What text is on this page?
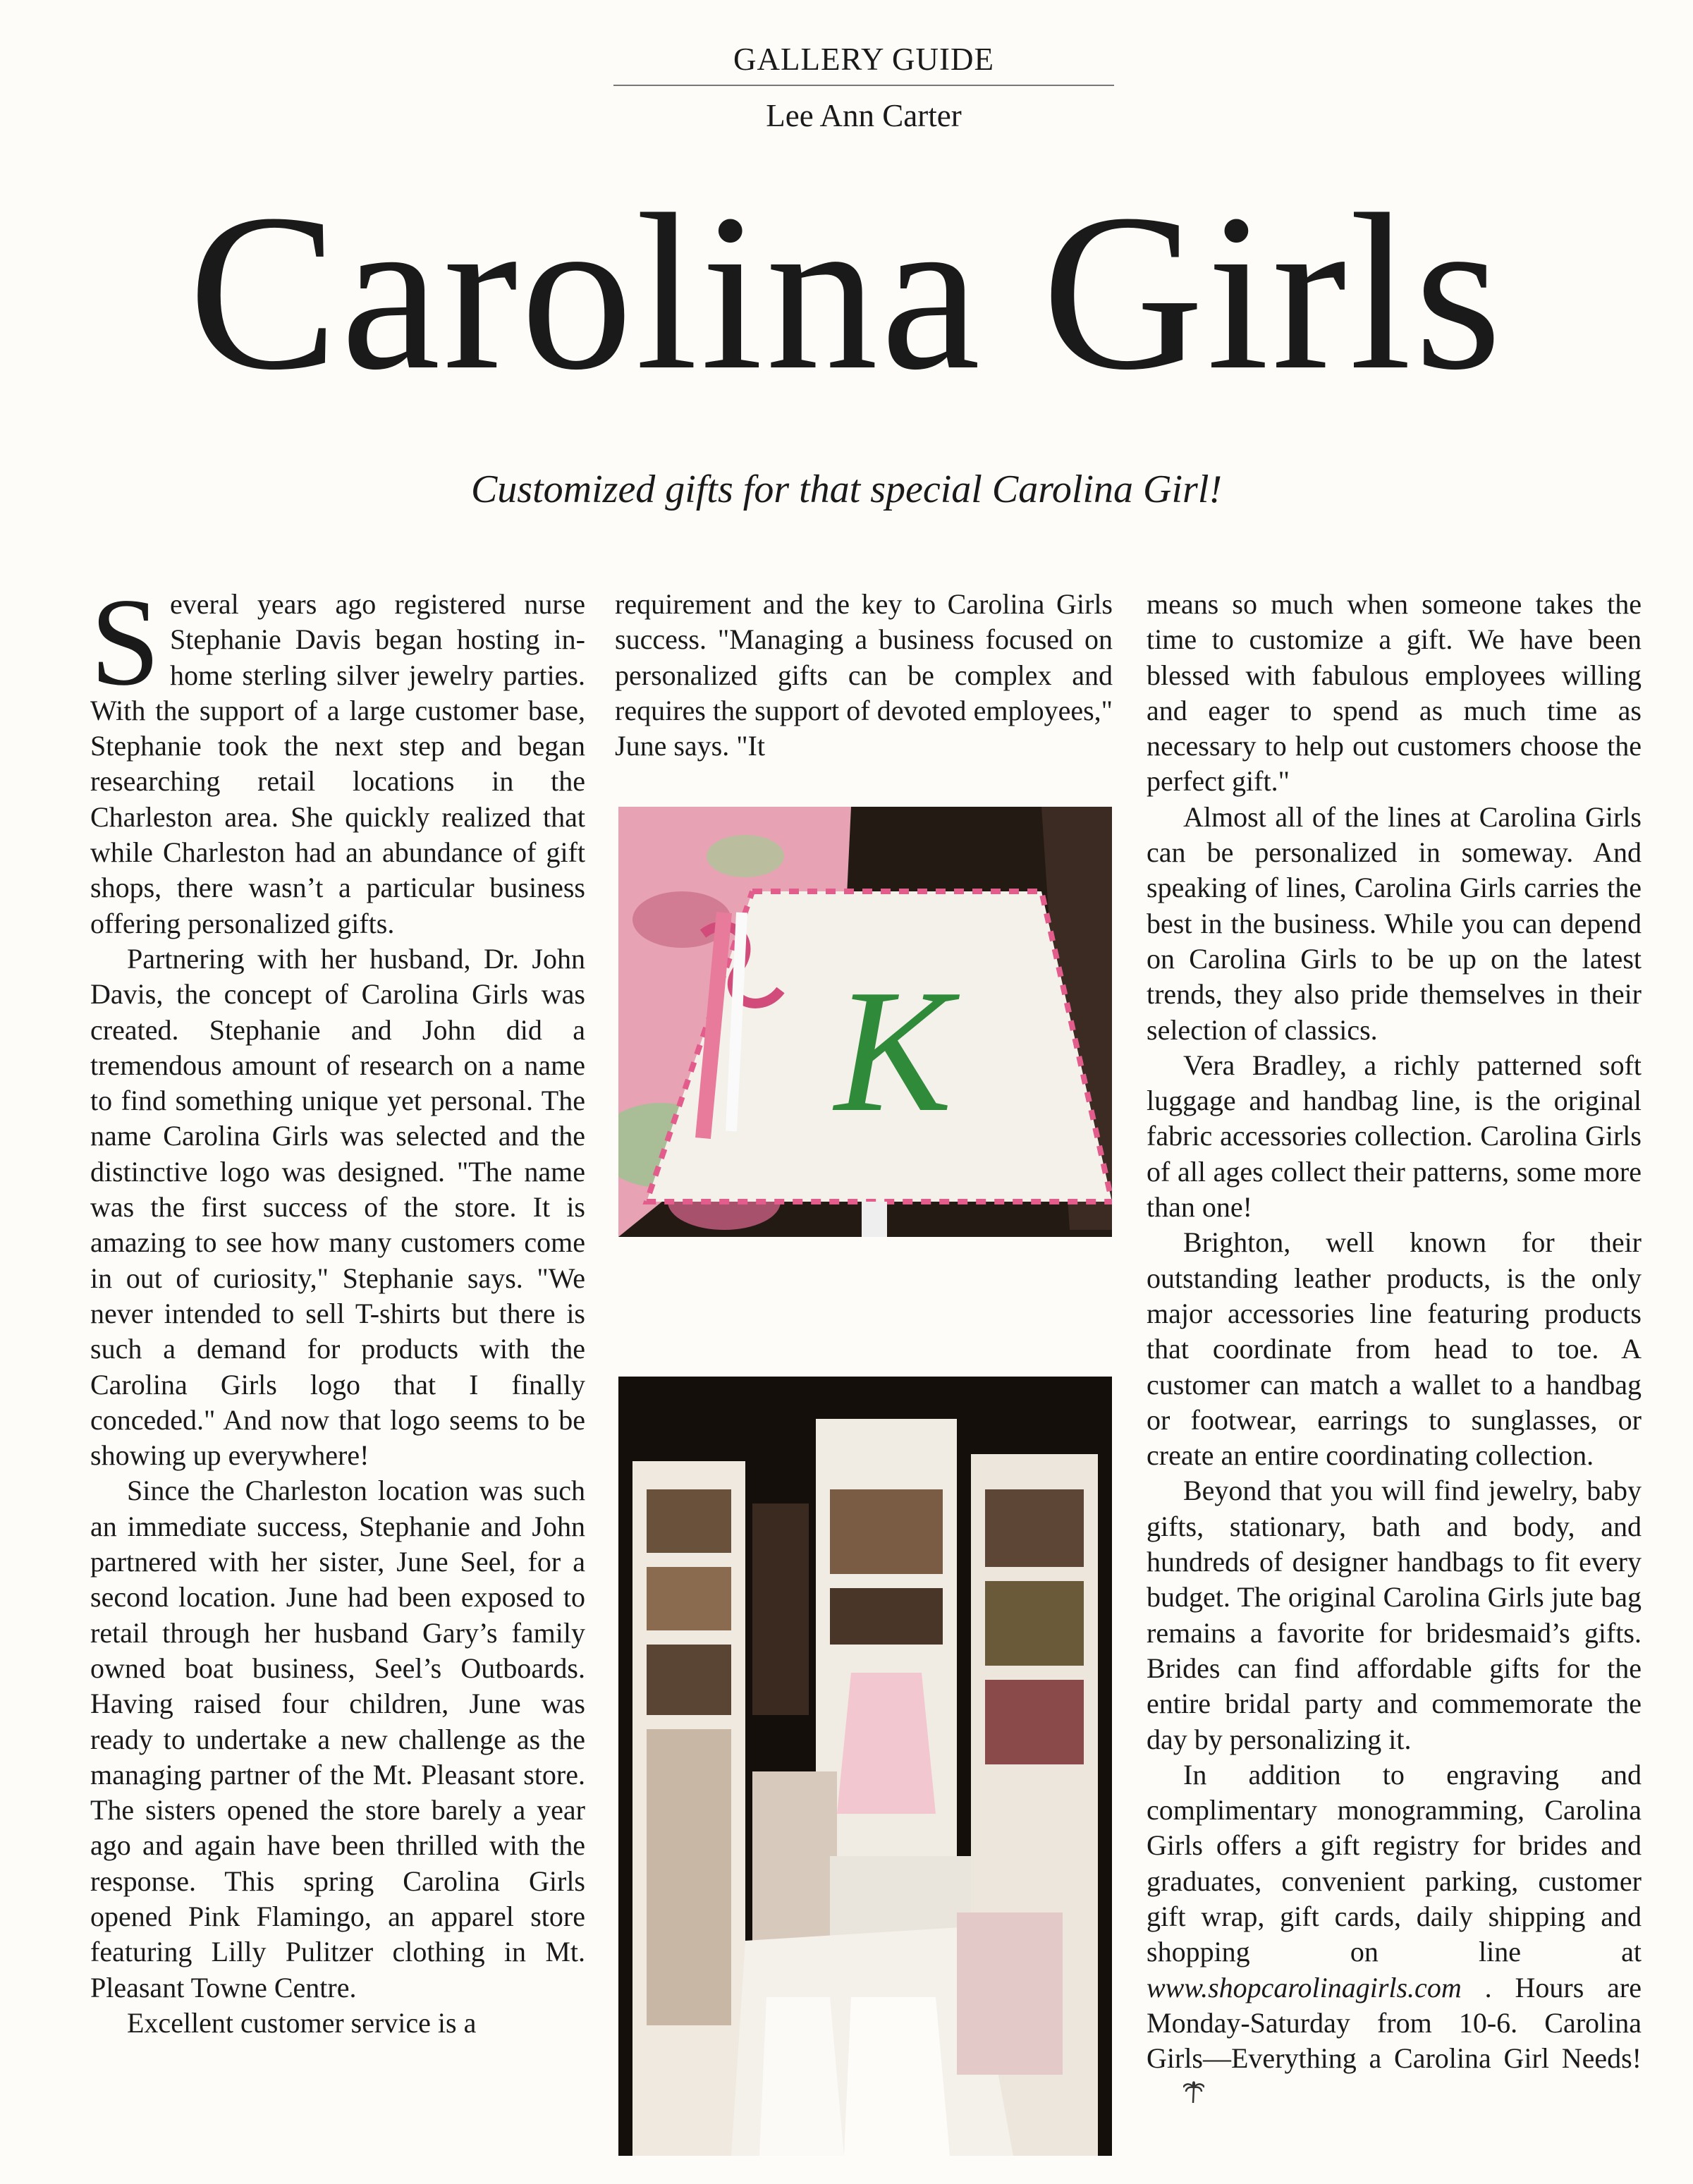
GALLERY GUIDE
Lee Ann Carter
Carolina Girls
Customized gifts for that special Carolina Girl!

Several years ago registered nurse Stephanie Davis began hosting in-home sterling silver jewelry parties. With the support of a large customer base, Stephanie took the next step and began researching retail locations in the Charleston area. She quickly realized that while Charleston had an abundance of gift shops, there wasn’t a particular business offering personalized gifts.

Partnering with her husband, Dr. John Davis, the concept of Carolina Girls was created. Stephanie and John did a tremendous amount of research on a name to find something unique yet personal. The name Carolina Girls was selected and the distinctive logo was designed. "The name was the first success of the store. It is amazing to see how many customers come in out of curiosity," Stephanie says. "We never intended to sell T-shirts but there is such a demand for products with the Carolina Girls logo that I finally conceded." And now that logo seems to be showing up everywhere!

Since the Charleston location was such an immediate success, Stephanie and John partnered with her sister, June Seel, for a second location. June had been exposed to retail through her husband Gary’s family owned boat business, Seel’s Outboards. Having raised four children, June was ready to undertake a new challenge as the managing partner of the Mt. Pleasant store. The sisters opened the store barely a year ago and again have been thrilled with the response. This spring Carolina Girls opened Pink Flamingo, an apparel store featuring Lilly Pulitzer clothing in Mt. Pleasant Towne Centre.

Excellent customer service is a

requirement and the key to Carolina Girls success. "Managing a business focused on personalized gifts can be complex and requires the support of devoted employees," June says. "It

K

means so much when someone takes the time to customize a gift. We have been blessed with fabulous employees willing and eager to spend as much time as necessary to help out customers choose the perfect gift."

Almost all of the lines at Carolina Girls can be personalized in someway. And speaking of lines, Carolina Girls carries the best in the business. While you can depend on Carolina Girls to be up on the latest trends, they also pride themselves in their selection of classics.

Vera Bradley, a richly patterned soft luggage and handbag line, is the original fabric accessories collection. Carolina Girls of all ages collect their patterns, some more than one!

Brighton, well known for their outstanding leather products, is the only major accessories line featuring products that coordinate from head to toe. A customer can match a wallet to a handbag or footwear, earrings to sunglasses, or create an entire coordinating collection.

Beyond that you will find jewelry, baby gifts, stationary, bath and body, and hundreds of designer handbags to fit every budget. The original Carolina Girls jute bag remains a favorite for bridesmaid’s gifts. Brides can find affordable gifts for the entire bridal party and commemorate the day by personalizing it.

In addition to engraving and complimentary monogramming, Carolina Girls offers a gift registry for brides and graduates, convenient parking, customer gift wrap, gift cards, daily shipping and shopping on line at www.shopcarolinagirls.com . Hours are Monday-Saturday from 10-6. Carolina Girls—Everything a Carolina Girl Needs!
